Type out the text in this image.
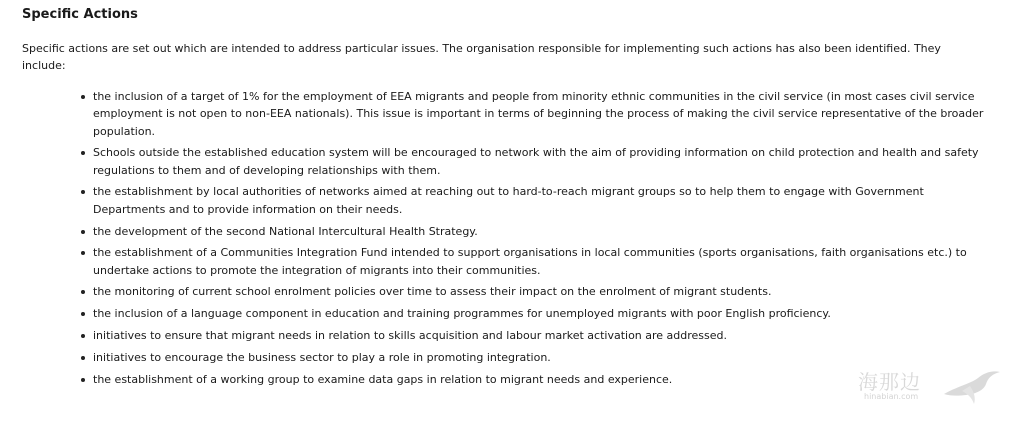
Specific Actions

Specific actions are set out which are intended to address particular issues. The organisation responsible for implementing such actions has also been identified. They include:

the inclusion of a target of 1% for the employment of EEA migrants and people from minority ethnic communities in the civil service (in most cases civil service employment is not open to non-EEA nationals). This issue is important in terms of beginning the process of making the civil service representative of the broader population.
Schools outside the established education system will be encouraged to network with the aim of providing information on child protection and health and safety regulations to them and of developing relationships with them.
the establishment by local authorities of networks aimed at reaching out to hard-to-reach migrant groups so to help them to engage with Government Departments and to provide information on their needs.
the development of the second National Intercultural Health Strategy.
the establishment of a Communities Integration Fund intended to support organisations in local communities (sports organisations, faith organisations etc.) to undertake actions to promote the integration of migrants into their communities.
the monitoring of current school enrolment policies over time to assess their impact on the enrolment of migrant students.
the inclusion of a language component in education and training programmes for unemployed migrants with poor English proficiency.
initiatives to ensure that migrant needs in relation to skills acquisition and labour market activation are addressed.
initiatives to encourage the business sector to play a role in promoting integration.
the establishment of a working group to examine data gaps in relation to migrant needs and experience.	海那边
hinabian.com
